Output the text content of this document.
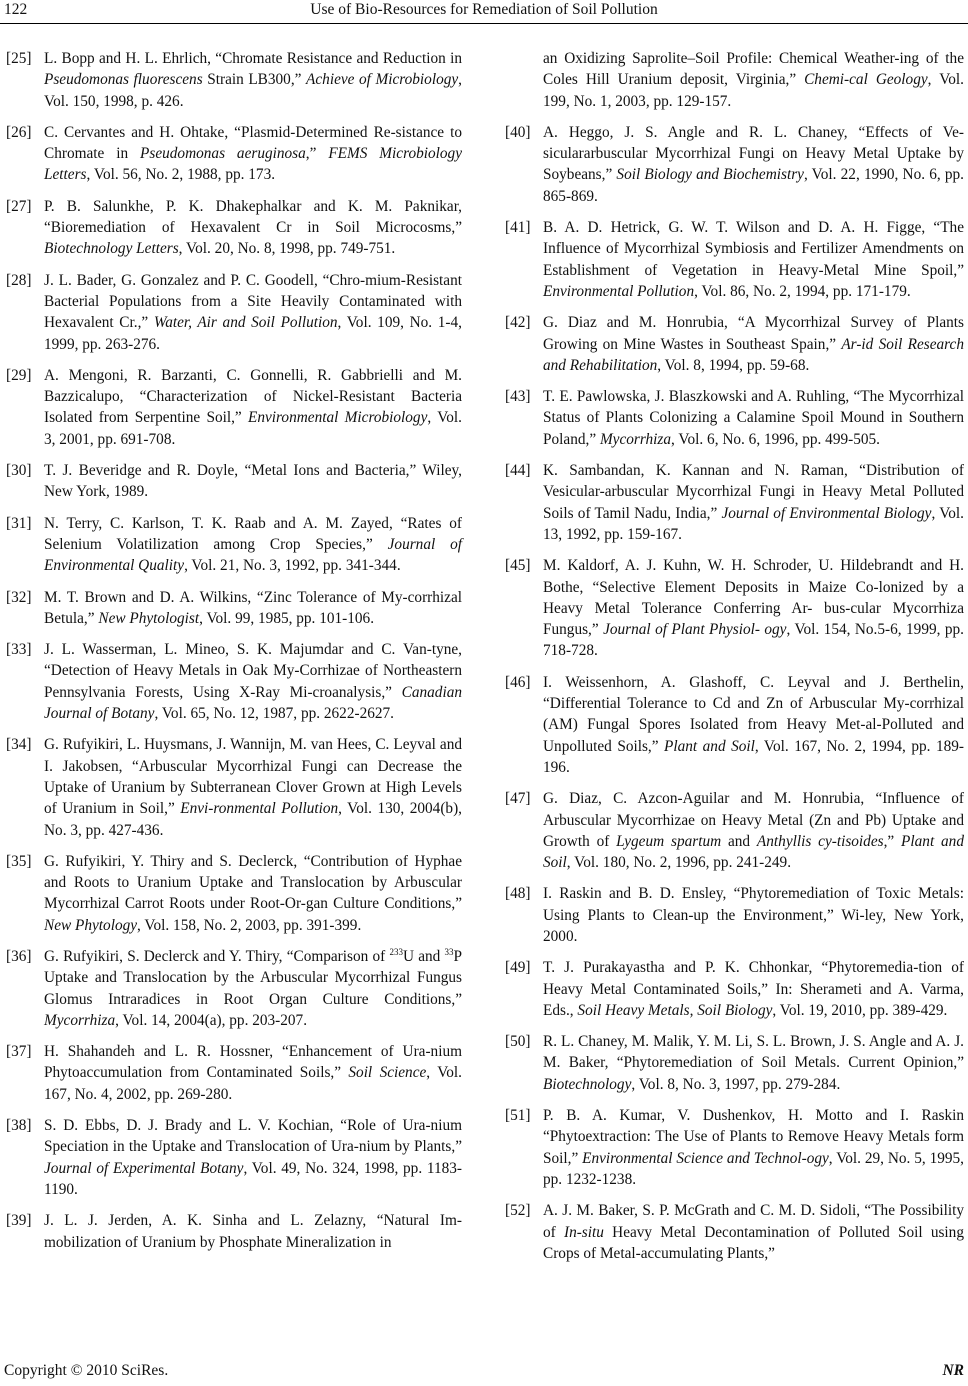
122	Use of Bio-Resources for Remediation of Soil Pollution
[25] L. Bopp and H. L. Ehrlich, “Chromate Resistance and Reduction in Pseudomonas fluorescens Strain LB300,” Achieve of Microbiology, Vol. 150, 1998, p. 426.
[26] C. Cervantes and H. Ohtake, “Plasmid-Determined Re-sistance to Chromate in Pseudomonas aeruginosa,” FEMS Microbiology Letters, Vol. 56, No. 2, 1988, pp. 173.
[27] P. B. Salunkhe, P. K. Dhakephalkar and K. M. Paknikar, “Bioremediation of Hexavalent Cr in Soil Microcosms,” Biotechnology Letters, Vol. 20, No. 8, 1998, pp. 749-751.
[28] J. L. Bader, G. Gonzalez and P. C. Goodell, “Chro-mium-Resistant Bacterial Populations from a Site Heavily Contaminated with Hexavalent Cr.,” Water, Air and Soil Pollution, Vol. 109, No. 1-4, 1999, pp. 263-276.
[29] A. Mengoni, R. Barzanti, C. Gonnelli, R. Gabbrielli and M. Bazzicalupo, “Characterization of Nickel-Resistant Bacteria Isolated from Serpentine Soil,” Environmental Microbiology, Vol. 3, 2001, pp. 691-708.
[30] T. J. Beveridge and R. Doyle, “Metal Ions and Bacteria,” Wiley, New York, 1989.
[31] N. Terry, C. Karlson, T. K. Raab and A. M. Zayed, “Rates of Selenium Volatilization among Crop Species,” Journal of Environmental Quality, Vol. 21, No. 3, 1992, pp. 341-344.
[32] M. T. Brown and D. A. Wilkins, “Zinc Tolerance of My-corrhizal Betula,” New Phytologist, Vol. 99, 1985, pp. 101-106.
[33] J. L. Wasserman, L. Mineo, S. K. Majumdar and C. Van-tyne, “Detection of Heavy Metals in Oak My-Corrhizae of Northeastern Pennsylvania Forests, Using X-Ray Mi-croanalysis,” Canadian Journal of Botany, Vol. 65, No. 12, 1987, pp. 2622-2627.
[34] G. Rufyikiri, L. Huysmans, J. Wannijn, M. van Hees, C. Leyval and I. Jakobsen, “Arbuscular Mycorrhizal Fungi can Decrease the Uptake of Uranium by Subterranean Clover Grown at High Levels of Uranium in Soil,” Envi-ronmental Pollution, Vol. 130, 2004(b), No. 3, pp. 427-436.
[35] G. Rufyikiri, Y. Thiry and S. Declerck, “Contribution of Hyphae and Roots to Uranium Uptake and Translocation by Arbuscular Mycorrhizal Carrot Roots under Root-Or-gan Culture Conditions,” New Phytology, Vol. 158, No. 2, 2003, pp. 391-399.
[36] G. Rufyikiri, S. Declerck and Y. Thiry, “Comparison of $^{233}$U and $^{33}$P Uptake and Translocation by the Arbuscular Mycorrhizal Fungus Glomus Intraradices in Root Organ Culture Conditions,” Mycorrhiza, Vol. 14, 2004(a), pp. 203-207.
[37] H. Shahandeh and L. R. Hossner, “Enhancement of Ura-nium Phytoaccumulation from Contaminated Soils,” Soil Science, Vol. 167, No. 4, 2002, pp. 269-280.
[38] S. D. Ebbs, D. J. Brady and L. V. Kochian, “Role of Ura-nium Speciation in the Uptake and Translocation of Ura-nium by Plants,” Journal of Experimental Botany, Vol. 49, No. 324, 1998, pp. 1183-1190.
[39] J. L. J. Jerden, A. K. Sinha and L. Zelazny, “Natural Im-mobilization of Uranium by Phosphate Mineralization in
an Oxidizing Saprolite–Soil Profile: Chemical Weather-ing of the Coles Hill Uranium deposit, Virginia,” Chemi-cal Geology, Vol. 199, No. 1, 2003, pp. 129-157.
[40] A. Heggo, J. S. Angle and R. L. Chaney, “Effects of Ve-siculararbuscular Mycorrhizal Fungi on Heavy Metal Uptake by Soybeans,” Soil Biology and Biochemistry, Vol. 22, 1990, No. 6, pp. 865-869.
[41] B. A. D. Hetrick, G. W. T. Wilson and D. A. H. Figge, “The Influence of Mycorrhizal Symbiosis and Fertilizer Amendments on Establishment of Vegetation in Heavy-Metal Mine Spoil,” Environmental Pollution, Vol. 86, No. 2, 1994, pp. 171-179.
[42] G. Diaz and M. Honrubia, “A Mycorrhizal Survey of Plants Growing on Mine Wastes in Southeast Spain,” Ar-id Soil Research and Rehabilitation, Vol. 8, 1994, pp. 59-68.
[43] T. E. Pawlowska, J. Blaszkowski and A. Ruhling, “The Mycorrhizal Status of Plants Colonizing a Calamine Spoil Mound in Southern Poland,” Mycorrhiza, Vol. 6, No. 6, 1996, pp. 499-505.
[44] K. Sambandan, K. Kannan and N. Raman, “Distribution of Vesicular-arbuscular Mycorrhizal Fungi in Heavy Metal Polluted Soils of Tamil Nadu, India,” Journal of Environmental Biology, Vol. 13, 1992, pp. 159-167.
[45] M. Kaldorf, A. J. Kuhn, W. H. Schroder, U. Hildebrandt and H. Bothe, “Selective Element Deposits in Maize Co-lonized by a Heavy Metal Tolerance Conferring Ar- bus-cular Mycorrhiza Fungus,” Journal of Plant Physiol- ogy, Vol. 154, No.5-6, 1999, pp. 718-728.
[46] I. Weissenhorn, A. Glashoff, C. Leyval and J. Berthelin, “Differential Tolerance to Cd and Zn of Arbuscular My-corrhizal (AM) Fungal Spores Isolated from Heavy Met-al-Polluted and Unpolluted Soils,” Plant and Soil, Vol. 167, No. 2, 1994, pp. 189-196.
[47] G. Diaz, C. Azcon-Aguilar and M. Honrubia, “Influence of Arbuscular Mycorrhizae on Heavy Metal (Zn and Pb) Uptake and Growth of Lygeum spartum and Anthyllis cy-tisoides,” Plant and Soil, Vol. 180, No. 2, 1996, pp. 241-249.
[48] I. Raskin and B. D. Ensley, “Phytoremediation of Toxic Metals: Using Plants to Clean-up the Environment,” Wi-ley, New York, 2000.
[49] T. J. Purakayastha and P. K. Chhonkar, “Phytoremedia-tion of Heavy Metal Contaminated Soils,” In: Sherameti and A. Varma, Eds., Soil Heavy Metals, Soil Biology, Vol. 19, 2010, pp. 389-429.
[50] R. L. Chaney, M. Malik, Y. M. Li, S. L. Brown, J. S. Angle and A. J. M. Baker, “Phytoremediation of Soil Metals. Current Opinion,” Biotechnology, Vol. 8, No. 3, 1997, pp. 279-284.
[51] P. B. A. Kumar, V. Dushenkov, H. Motto and I. Raskin “Phytoextraction: The Use of Plants to Remove Heavy Metals form Soil,” Environmental Science and Technol-ogy, Vol. 29, No. 5, 1995, pp. 1232-1238.
[52] A. J. M. Baker, S. P. McGrath and C. M. D. Sidoli, “The Possibility of In-situ Heavy Metal Decontamination of Polluted Soil using Crops of Metal-accumulating Plants,”
Copyright © 2010 SciRes.	NR
